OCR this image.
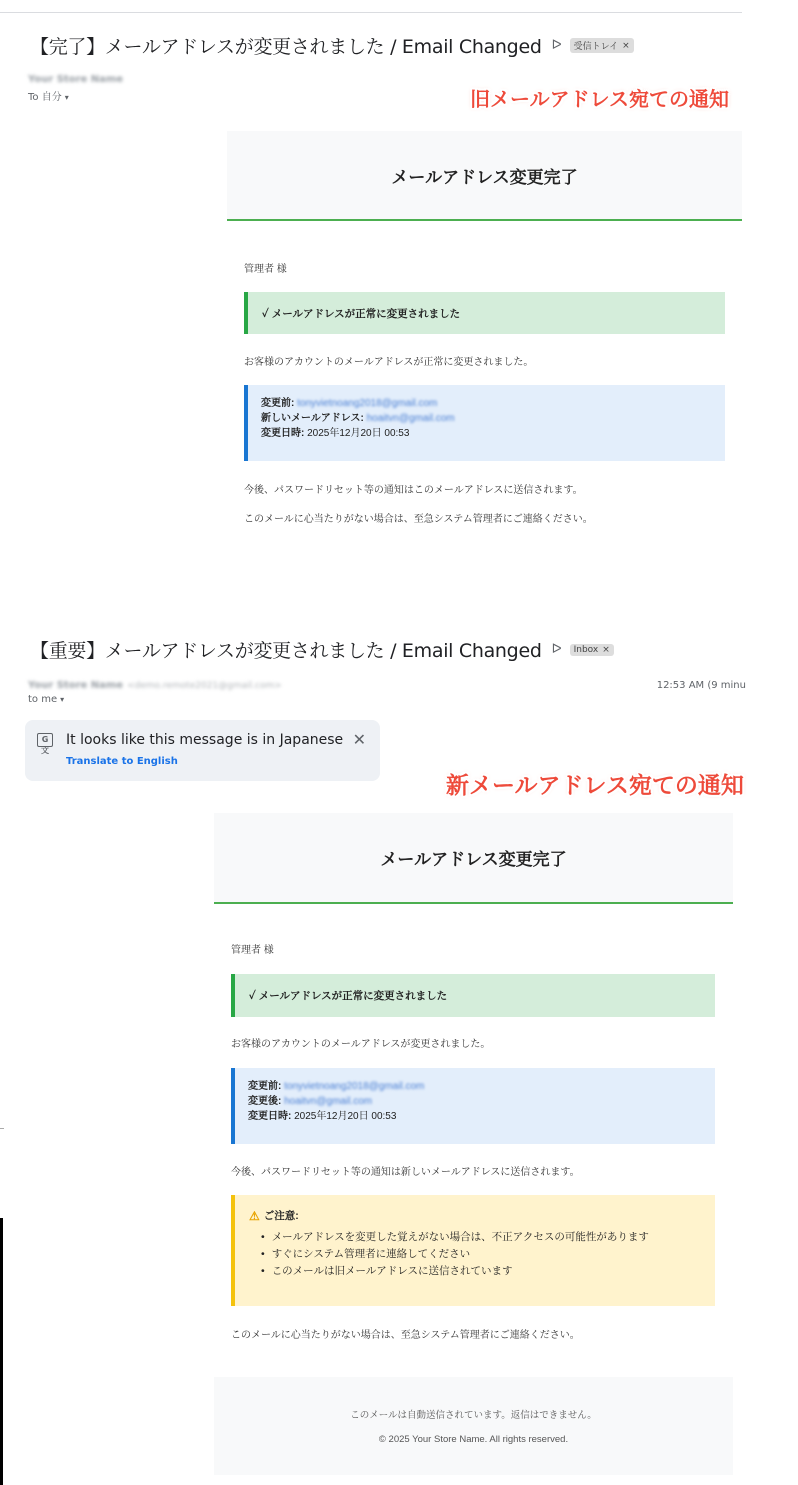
【完了】メールアドレスが変更されました / Email Changed ᐅ 受信トレイ ×
Your Store Name
To 自分 ▾	旧メールアドレス宛ての通知
メールアドレス変更完了
管理者 様
✓ メールアドレスが正常に変更されました
お客様のアカウントのメールアドレスが正常に変更されました。
変更前: tonyvietnoang2018@gmail.com
新しいメールアドレス: hoaitvn@gmail.com
変更日時: 2025年12月20日 00:53
今後、パスワードリセット等の通知はこのメールアドレスに送信されます。
このメールに心当たりがない場合は、至急システム管理者にご連絡ください。
【重要】メールアドレスが変更されました / Email Changed ᐅ Inbox ×
Your Store Name <demo.remote2021@gmail.com>
to me ▾
12:53 AM (9 minu
G文
It looks like this message is in Japanese
Translate to English
✕
新メールアドレス宛ての通知
メールアドレス変更完了
管理者 様
✓ メールアドレスが正常に変更されました
お客様のアカウントのメールアドレスが変更されました。
変更前: tonyvietnoang2018@gmail.com
変更後: hoaitvn@gmail.com
変更日時: 2025年12月20日 00:53
今後、パスワードリセット等の通知は新しいメールアドレスに送信されます。
⚠ ご注意:
• メールアドレスを変更した覚えがない場合は、不正アクセスの可能性があります
• すぐにシステム管理者に連絡してください
• このメールは旧メールアドレスに送信されています
このメールに心当たりがない場合は、至急システム管理者にご連絡ください。
このメールは自動送信されています。返信はできません。
© 2025 Your Store Name. All rights reserved.
